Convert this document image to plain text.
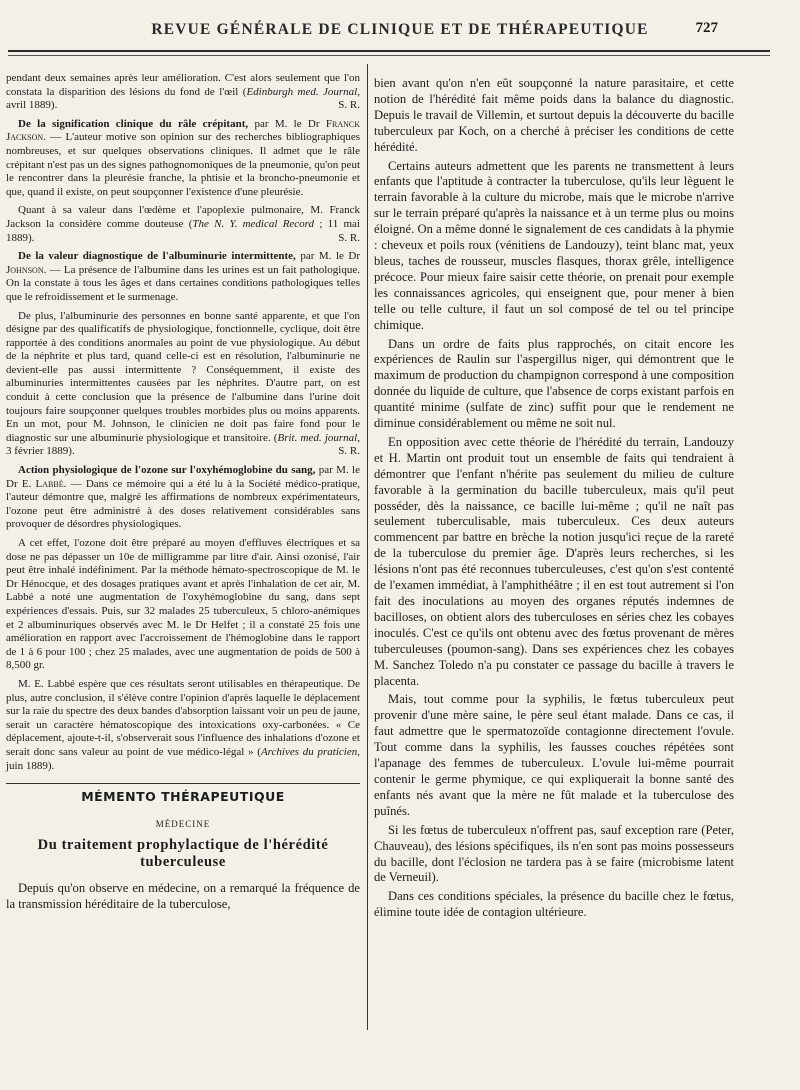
REVUE GÉNÉRALE DE CLINIQUE ET DE THÉRAPEUTIQUE	727

pendant deux semaines après leur amélioration. C'est alors seulement que l'on constata la disparition des lésions du fond de l'œil (Edinburgh med. Journal, avril 1889).	S. R.

De la signification clinique du râle crépitant, par M. le Dr Franck Jackson. — L'auteur motive son opinion sur des recherches bibliographiques nombreuses, et sur quelques observations cliniques. Il admet que le râle crépitant n'est pas un des signes pathognomoniques de la pneumonie, qu'on peut le rencontrer dans la pleurésie franche, la phtisie et la broncho-pneumonie et que, quand il existe, on peut soupçonner l'existence d'une pleurésie.

Quant à sa valeur dans l'œdème et l'apoplexie pulmonaire, M. Franck Jackson la considère comme douteuse (The N. Y. medical Record ; 11 mai 1889).	S. R.

De la valeur diagnostique de l'albuminurie intermittente, par M. le Dr Johnson. — La présence de l'albumine dans les urines est un fait pathologique. On la constate à tous les âges et dans certaines conditions pathologiques telles que le refroidissement et le surmenage.

De plus, l'albuminurie des personnes en bonne santé apparente, et que l'on désigne par des qualificatifs de physiologique, fonctionnelle, cyclique, doit être rapportée à des conditions anormales au point de vue physiologique. Au début de la néphrite et plus tard, quand celle-ci est en résolution, l'albuminurie ne devient-elle pas aussi intermittente ? Conséquemment, il existe des albuminuries intermittentes causées par les néphrites. D'autre part, on est conduit à cette conclusion que la présence de l'albumine dans l'urine doit toujours faire soupçonner quelques troubles morbides plus ou moins apparents. En un mot, pour M. Johnson, le clinicien ne doit pas faire fond pour le diagnostic sur une albuminurie physiologique et transitoire. (Brit. med. journal, 3 février 1889).	S. R.

Action physiologique de l'ozone sur l'oxyhémoglobine du sang, par M. le Dr E. Labbé. — Dans ce mémoire qui a été lu à la Société médico-pratique, l'auteur démontre que, malgré les affirmations de nombreux expérimentateurs, l'ozone peut être administré à des doses relativement considérables sans provoquer de désordres physiologiques.

A cet effet, l'ozone doit être préparé au moyen d'effluves électriques et sa dose ne pas dépasser un 10e de milligramme par litre d'air. Ainsi ozonisé, l'air peut être inhalé indéfiniment. Par la méthode hémato-spectroscopique de M. le Dr Hénocque, et des dosages pratiques avant et après l'inhalation de cet air, M. Labbé a noté une augmentation de l'oxyhémoglobine du sang, dans sept expériences d'essais. Puis, sur 32 malades 25 tuberculeux, 5 chloro-anémiques et 2 albuminuriques observés avec M. le Dr Helfet ; il a constaté 25 fois une amélioration en rapport avec l'accroissement de l'hémoglobine dans le rapport de 1 à 6 pour 100 ; chez 25 malades, avec une augmentation de poids de 500 à 8,500 gr.

M. E. Labbé espère que ces résultats seront utilisables en thérapeutique. De plus, autre conclusion, il s'élève contre l'opinion d'après laquelle le déplacement sur la raie du spectre des deux bandes d'absorption laissant voir un peu de jaune, serait un caractère hématoscopique des intoxications oxy-carbonées. « Ce déplacement, ajoute-t-il, s'observerait sous l'influence des inhalations d'ozone et serait donc sans valeur au point de vue médico-légal » (Archives du praticien, juin 1889).

MÉMENTO THÉRAPEUTIQUE
MÉDECINE
Du traitement prophylactique de l'hérédité tuberculeuse

Depuis qu'on observe en médecine, on a remarqué la fréquence de la transmission héréditaire de la tuberculose,

bien avant qu'on n'en eût soupçonné la nature parasitaire, et cette notion de l'hérédité fait même poids dans la balance du diagnostic. Depuis le travail de Villemin, et surtout depuis la découverte du bacille tuberculeux par Koch, on a cherché à préciser les conditions de cette hérédité.

Certains auteurs admettent que les parents ne transmettent à leurs enfants que l'aptitude à contracter la tuberculose, qu'ils leur lèguent le terrain favorable à la culture du microbe, mais que le microbe n'arrive sur le terrain préparé qu'après la naissance et à un terme plus ou moins éloigné. On a même donné le signalement de ces candidats à la phymie : cheveux et poils roux (vénitiens de Landouzy), teint blanc mat, yeux bleus, taches de rousseur, muscles flasques, thorax grêle, intelligence précoce. Pour mieux faire saisir cette théorie, on prenait pour exemple les connaissances agricoles, qui enseignent que, pour mener à bien telle ou telle culture, il faut un sol composé de tel ou tel principe chimique.

Dans un ordre de faits plus rapprochés, on citait encore les expériences de Raulin sur l'aspergillus niger, qui démontrent que le maximum de production du champignon correspond à une composition donnée du liquide de culture, que l'absence de corps existant parfois en quantité minime (sulfate de zinc) suffit pour que le rendement ne diminue considérablement ou même ne soit nul.

En opposition avec cette théorie de l'hérédité du terrain, Landouzy et H. Martin ont produit tout un ensemble de faits qui tendraient à démontrer que l'enfant n'hérite pas seulement du milieu de culture favorable à la germination du bacille tuberculeux, mais qu'il peut posséder, dès la naissance, ce bacille lui-même ; qu'il ne naît pas seulement tuberculisable, mais tuberculeux. Ces deux auteurs commencent par battre en brèche la notion jusqu'ici reçue de la rareté de la tuberculose du premier âge. D'après leurs recherches, si les lésions n'ont pas été reconnues tuberculeuses, c'est qu'on s'est contenté de l'examen immédiat, à l'amphithéâtre ; il en est tout autrement si l'on fait des inoculations au moyen des organes réputés indemnes de bacilloses, on obtient alors des tuberculoses en séries chez les cobayes inoculés. C'est ce qu'ils ont obtenu avec des fœtus provenant de mères tuberculeuses (poumon-sang). Dans ses expériences chez les cobayes M. Sanchez Toledo n'a pu constater ce passage du bacille à travers le placenta.

Mais, tout comme pour la syphilis, le fœtus tuberculeux peut provenir d'une mère saine, le père seul étant malade. Dans ce cas, il faut admettre que le spermatozoïde contagionne directement l'ovule. Tout comme dans la syphilis, les fausses couches répétées sont l'apanage des femmes de tuberculeux. L'ovule lui-même pourrait contenir le germe phymique, ce qui expliquerait la bonne santé des enfants nés avant que la mère ne fût malade et la tuberculose des puînés.

Si les fœtus de tuberculeux n'offrent pas, sauf exception rare (Peter, Chauveau), des lésions spécifiques, ils n'en sont pas moins possesseurs du bacille, dont l'éclosion ne tardera pas à se faire (microbisme latent de Verneuil).

Dans ces conditions spéciales, la présence du bacille chez le fœtus, élimine toute idée de contagion ultérieure.
